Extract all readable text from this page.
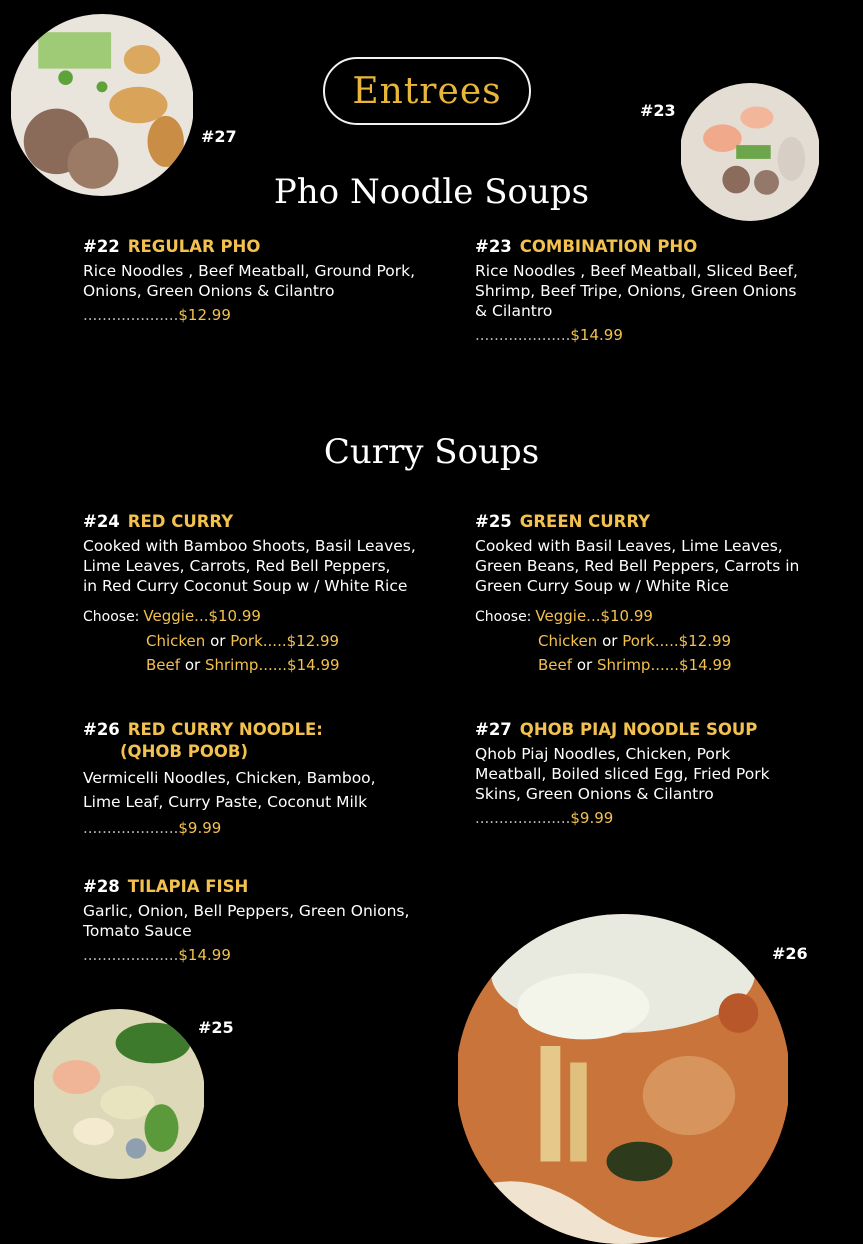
#27
#23
#26
#25
Entrees
Pho Noodle Soups
Curry Soups
#22 REGULAR PHO
Rice Noodles , Beef Meatball, Ground Pork,
Onions, Green Onions & Cilantro
....................$12.99
#23 COMBINATION PHO
Rice Noodles , Beef Meatball, Sliced Beef,
Shrimp, Beef Tripe, Onions, Green Onions
& Cilantro
....................$14.99
#24 RED CURRY
Cooked with Bamboo Shoots, Basil Leaves,
Lime Leaves, Carrots, Red Bell Peppers,
in Red Curry Coconut Soup w / White Rice
Choose: Veggie...$10.99
Chicken or Pork.....$12.99
Beef or Shrimp......$14.99
#25 GREEN CURRY
Cooked with Basil Leaves, Lime Leaves,
Green Beans, Red Bell Peppers, Carrots in
Green Curry Soup w / White Rice
Choose: Veggie...$10.99
Chicken or Pork.....$12.99
Beef or Shrimp......$14.99
#26 RED CURRY NOODLE:
(QHOB POOB)
Vermicelli Noodles, Chicken, Bamboo,
Lime Leaf, Curry Paste, Coconut Milk
....................$9.99
#27 QHOB PIAJ NOODLE SOUP
Qhob Piaj Noodles, Chicken, Pork
Meatball, Boiled sliced Egg, Fried Pork
Skins, Green Onions & Cilantro
....................$9.99
#28 TILAPIA FISH
Garlic, Onion, Bell Peppers, Green Onions,
Tomato Sauce
....................$14.99
